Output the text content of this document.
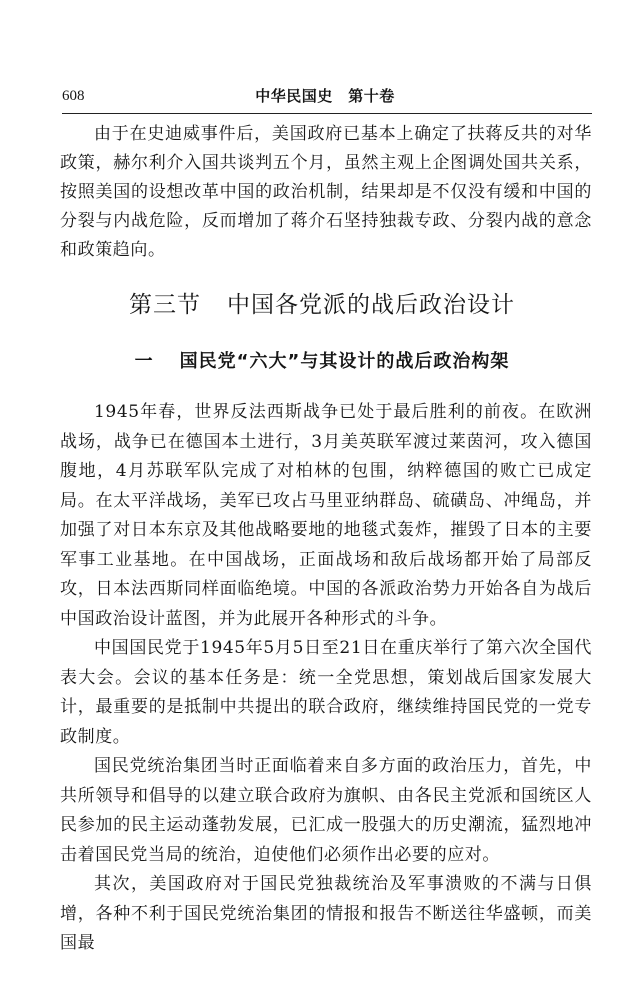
608	中华民国史　第十卷

由于在史迪威事件后，美国政府已基本上确定了扶蒋反共的对华政策，赫尔利介入国共谈判五个月，虽然主观上企图调处国共关系，按照美国的设想改革中国的政治机制，结果却是不仅没有缓和中国的分裂与内战危险，反而增加了蒋介石坚持独裁专政、分裂内战的意念和政策趋向。

第三节 中国各党派的战后政治设计
一 国民党“六大”与其设计的战后政治构架

1945年春，世界反法西斯战争已处于最后胜利的前夜。在欧洲战场，战争已在德国本土进行，3月美英联军渡过莱茵河，攻入德国腹地，4月苏联军队完成了对柏林的包围，纳粹德国的败亡已成定局。在太平洋战场，美军已攻占马里亚纳群岛、硫磺岛、冲绳岛，并加强了对日本东京及其他战略要地的地毯式轰炸，摧毁了日本的主要军事工业基地。在中国战场，正面战场和敌后战场都开始了局部反攻，日本法西斯同样面临绝境。中国的各派政治势力开始各自为战后中国政治设计蓝图，并为此展开各种形式的斗争。

中国国民党于1945年5月5日至21日在重庆举行了第六次全国代表大会。会议的基本任务是：统一全党思想，策划战后国家发展大计，最重要的是抵制中共提出的联合政府，继续维持国民党的一党专政制度。

国民党统治集团当时正面临着来自多方面的政治压力，首先，中共所领导和倡导的以建立联合政府为旗帜、由各民主党派和国统区人民参加的民主运动蓬勃发展，已汇成一股强大的历史潮流，猛烈地冲击着国民党当局的统治，迫使他们必须作出必要的应对。

其次，美国政府对于国民党独裁统治及军事溃败的不满与日俱增，各种不利于国民党统治集团的情报和报告不断送往华盛顿，而美国最
